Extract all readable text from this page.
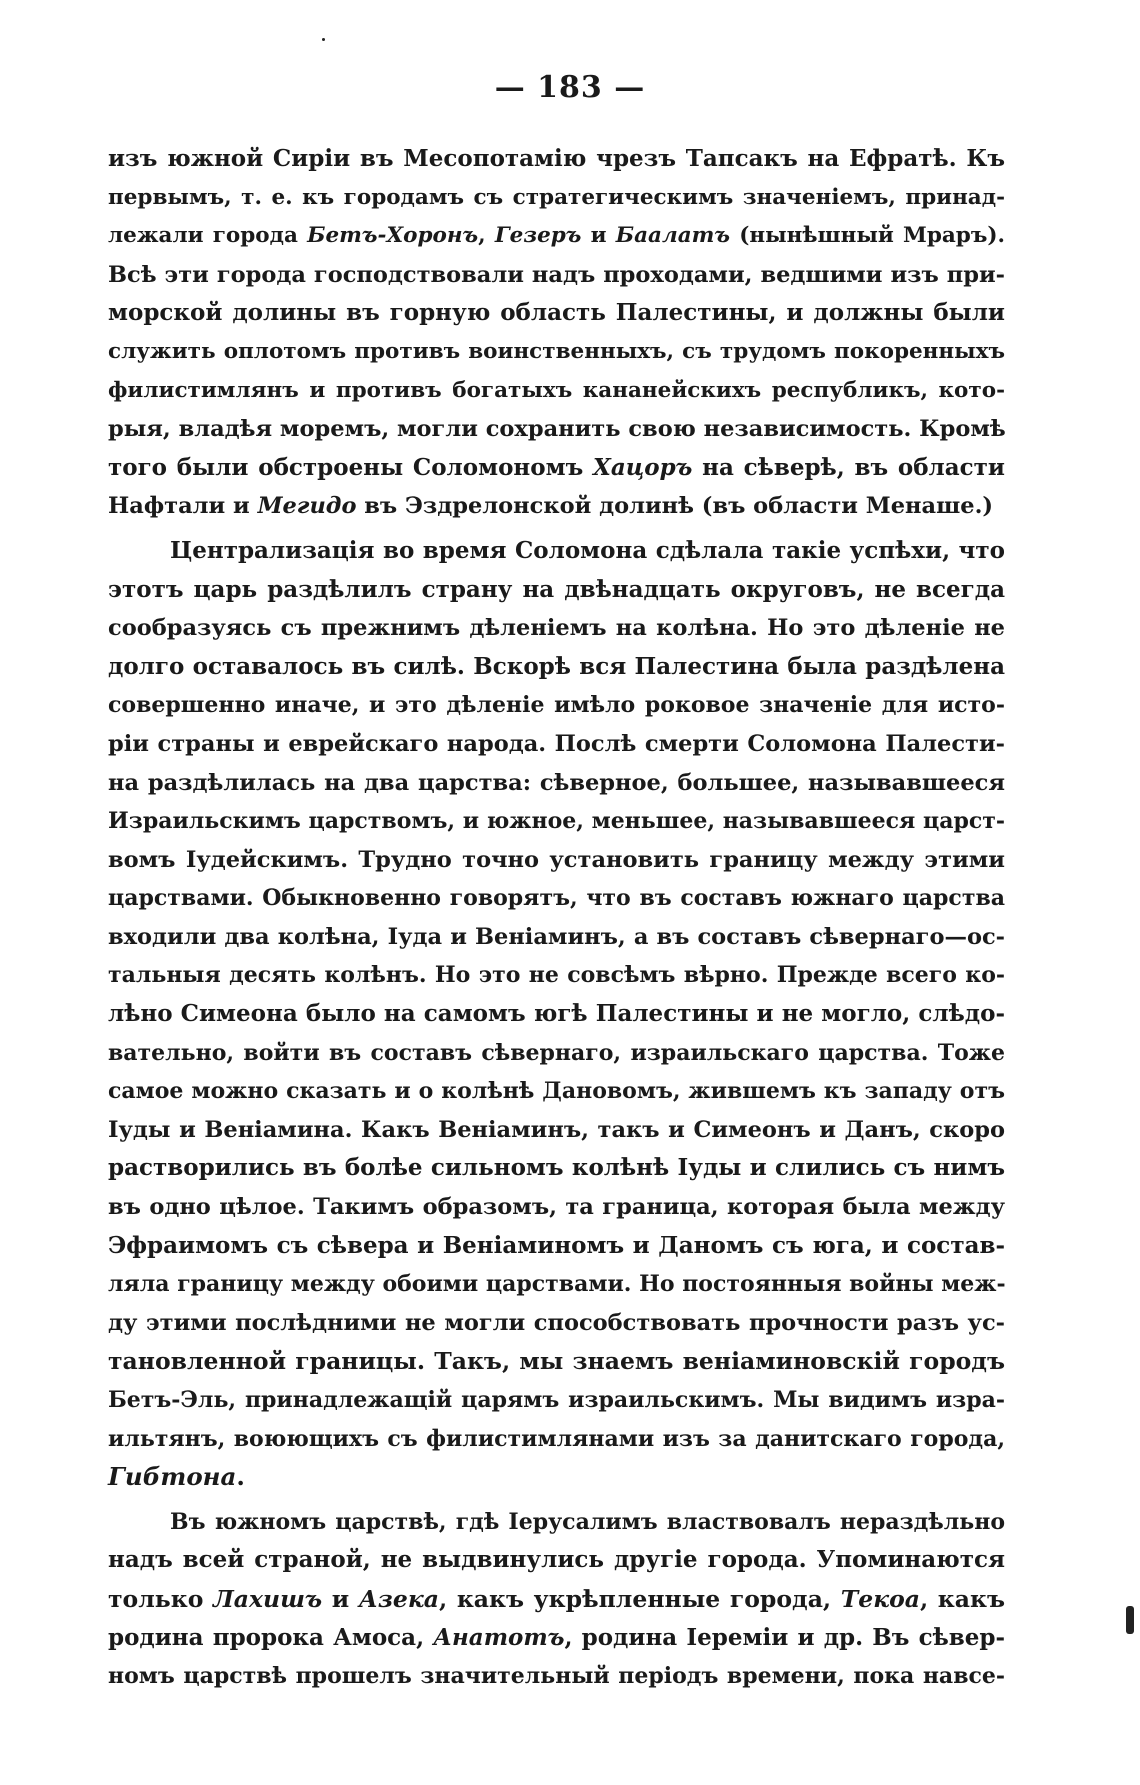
— 183 —
изъ южной Сиріи въ Месопотамію чрезъ Тапсакъ на Ефратѣ. Къ
первымъ, т. е. къ городамъ съ стратегическимъ значеніемъ, принад-
лежали города Бетъ-Хоронъ, Гезеръ и Баалатъ (нынѣшный Мраръ).
Всѣ эти города господствовали надъ проходами, ведшими изъ при-
морской долины въ горную область Палестины, и должны были
служить оплотомъ противъ воинственныхъ, съ трудомъ покоренныхъ
филистимлянъ и противъ богатыхъ кананейскихъ республикъ, кото-
рыя, владѣя моремъ, могли сохранить свою независимость. Кромѣ
того были обстроены Соломономъ Хацоръ на сѣверѣ, въ области
Нафтали и Мегидо въ Эздрелонской долинѣ (въ области Менаше.)
Централизація во время Соломона сдѣлала такіе успѣхи, что
этотъ царь раздѣлилъ страну на двѣнадцать округовъ, не всегда
сообразуясь съ прежнимъ дѣленіемъ на колѣна. Но это дѣленіе не
долго оставалось въ силѣ. Вскорѣ вся Палестина была раздѣлена
совершенно иначе, и это дѣленіе имѣло роковое значеніе для исто-
ріи страны и еврейскаго народа. Послѣ смерти Соломона Палести-
на раздѣлилась на два царства: сѣверное, большее, называвшееся
Израильскимъ царствомъ, и южное, меньшее, называвшееся царст-
вомъ Іудейскимъ. Трудно точно установить границу между этими
царствами. Обыкновенно говорятъ, что въ составъ южнаго царства
входили два колѣна, Іуда и Веніаминъ, а въ составъ сѣвернаго—ос-
тальныя десять колѣнъ. Но это не совсѣмъ вѣрно. Прежде всего ко-
лѣно Симеона было на самомъ югѣ Палестины и не могло, слѣдо-
вательно, войти въ составъ сѣвернаго, израильскаго царства. Тоже
самое можно сказать и о колѣнѣ Дановомъ, жившемъ къ западу отъ
Іуды и Веніамина. Какъ Веніаминъ, такъ и Симеонъ и Данъ, скоро
растворились въ болѣе сильномъ колѣнѣ Іуды и слились съ нимъ
въ одно цѣлое. Такимъ образомъ, та граница, которая была между
Эфраимомъ съ сѣвера и Веніаминомъ и Даномъ съ юга, и состав-
ляла границу между обоими царствами. Но постоянныя войны меж-
ду этими послѣдними не могли способствовать прочности разъ ус-
тановленной границы. Такъ, мы знаемъ веніаминовскій городъ
Бетъ-Эль, принадлежащій царямъ израильскимъ. Мы видимъ изра-
ильтянъ, воюющихъ съ филистимлянами изъ за данитскаго города,
Гибтона.
Въ южномъ царствѣ, гдѣ Іерусалимъ властвовалъ нераздѣльно
надъ всей страной, не выдвинулись другіе города. Упоминаются
только Лахишъ и Азека, какъ укрѣпленные города, Текоа, какъ
родина пророка Амоса, Анатотъ, родина Іереміи и др. Въ сѣвер-
номъ царствѣ прошелъ значительный періодъ времени, пока навсе-
